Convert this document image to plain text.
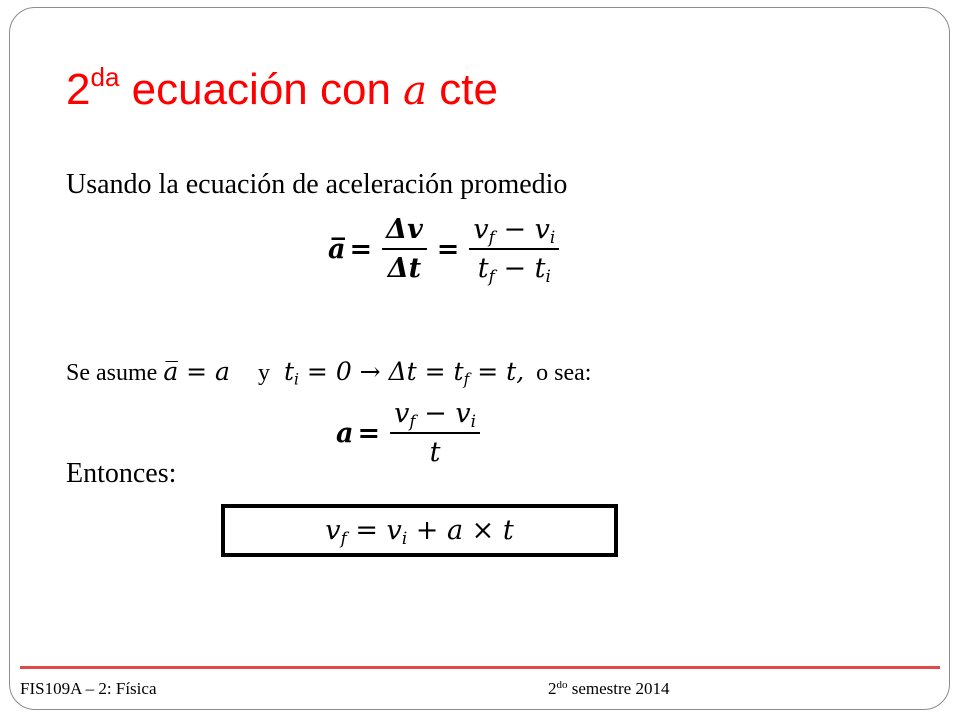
$2^{da}$ ecuación con a cte
Usando la ecuación de aceleración promedio
a̅ = $\frac{\Delta v}{\Delta t} = \frac{v_f - v_i}{t_f - t_i}$
Se asume a̅ = a y $t_i = 0 \to \Delta t = t_f = t$, o sea:
$a = \frac{v_f - v_i}{t}$
Entonces:
$v_f = v_i + a \times t$
FIS109A – 2: Física	$2^{do}$ semestre 2014
